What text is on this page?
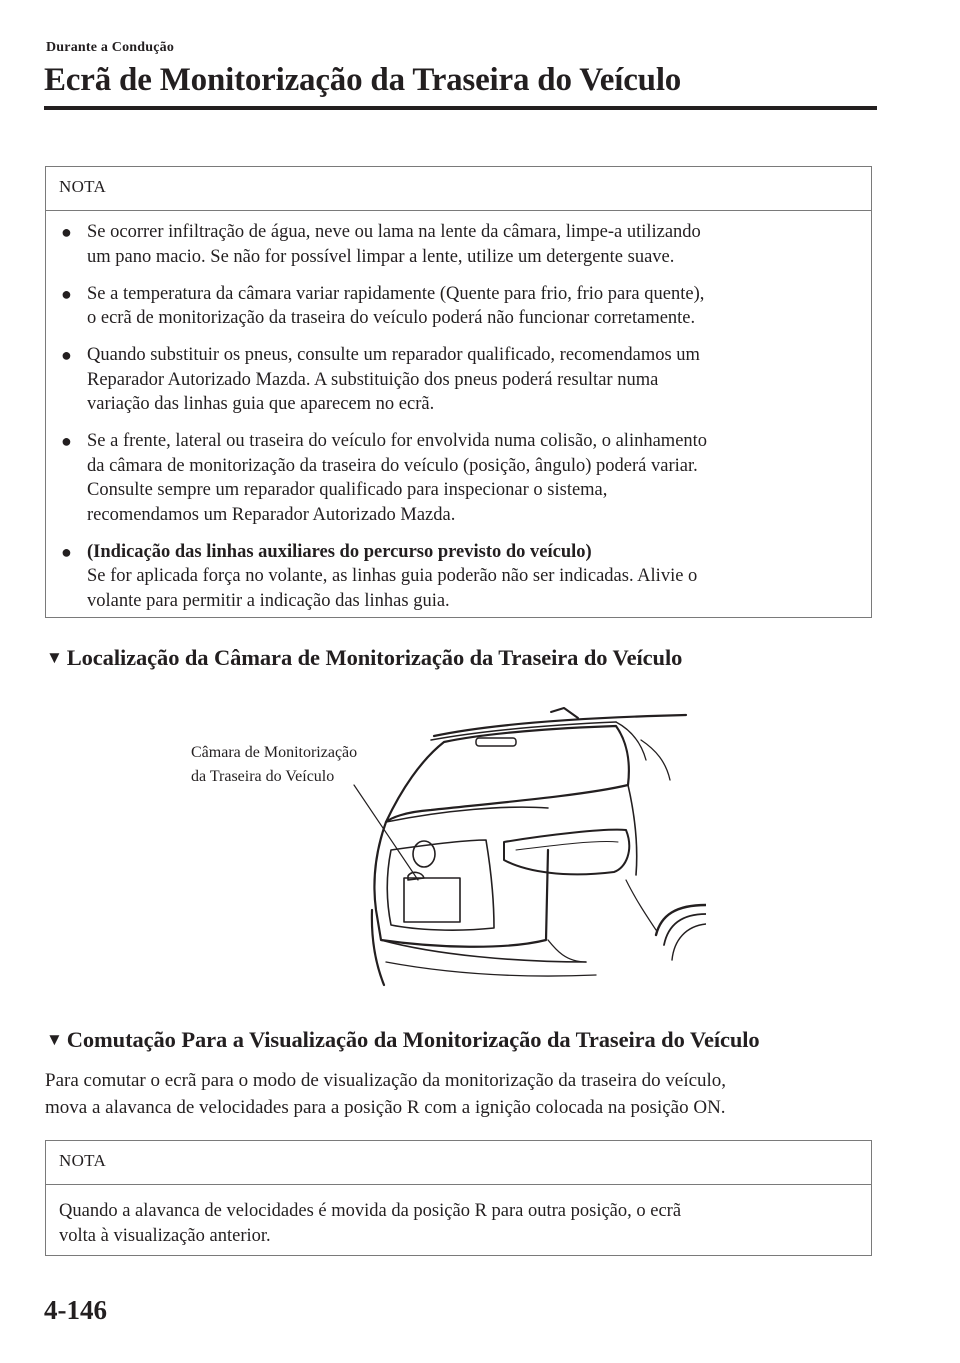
Durante a Condução
Ecrã de Monitorização da Traseira do Veículo
NOTA
● Se ocorrer infiltração de água, neve ou lama na lente da câmara, limpe-a utilizando
um pano macio. Se não for possível limpar a lente, utilize um detergente suave.
● Se a temperatura da câmara variar rapidamente (Quente para frio, frio para quente),
o ecrã de monitorização da traseira do veículo poderá não funcionar corretamente.
● Quando substituir os pneus, consulte um reparador qualificado, recomendamos um
Reparador Autorizado Mazda. A substituição dos pneus poderá resultar numa
variação das linhas guia que aparecem no ecrã.
● Se a frente, lateral ou traseira do veículo for envolvida numa colisão, o alinhamento
da câmara de monitorização da traseira do veículo (posição, ângulo) poderá variar.
Consulte sempre um reparador qualificado para inspecionar o sistema,
recomendamos um Reparador Autorizado Mazda.
● (Indicação das linhas auxiliares do percurso previsto do veículo)
Se for aplicada força no volante, as linhas guia poderão não ser indicadas. Alivie o
volante para permitir a indicação das linhas guia.
▼ Localização da Câmara de Monitorização da Traseira do Veículo
Câmara de Monitorização
da Traseira do Veículo
▼ Comutação Para a Visualização da Monitorização da Traseira do Veículo

Para comutar o ecrã para o modo de visualização da monitorização da traseira do veículo,
mova a alavanca de velocidades para a posição R com a ignição colocada na posição ON.

NOTA
Quando a alavanca de velocidades é movida da posição R para outra posição, o ecrã
volta à visualização anterior.
4-146
